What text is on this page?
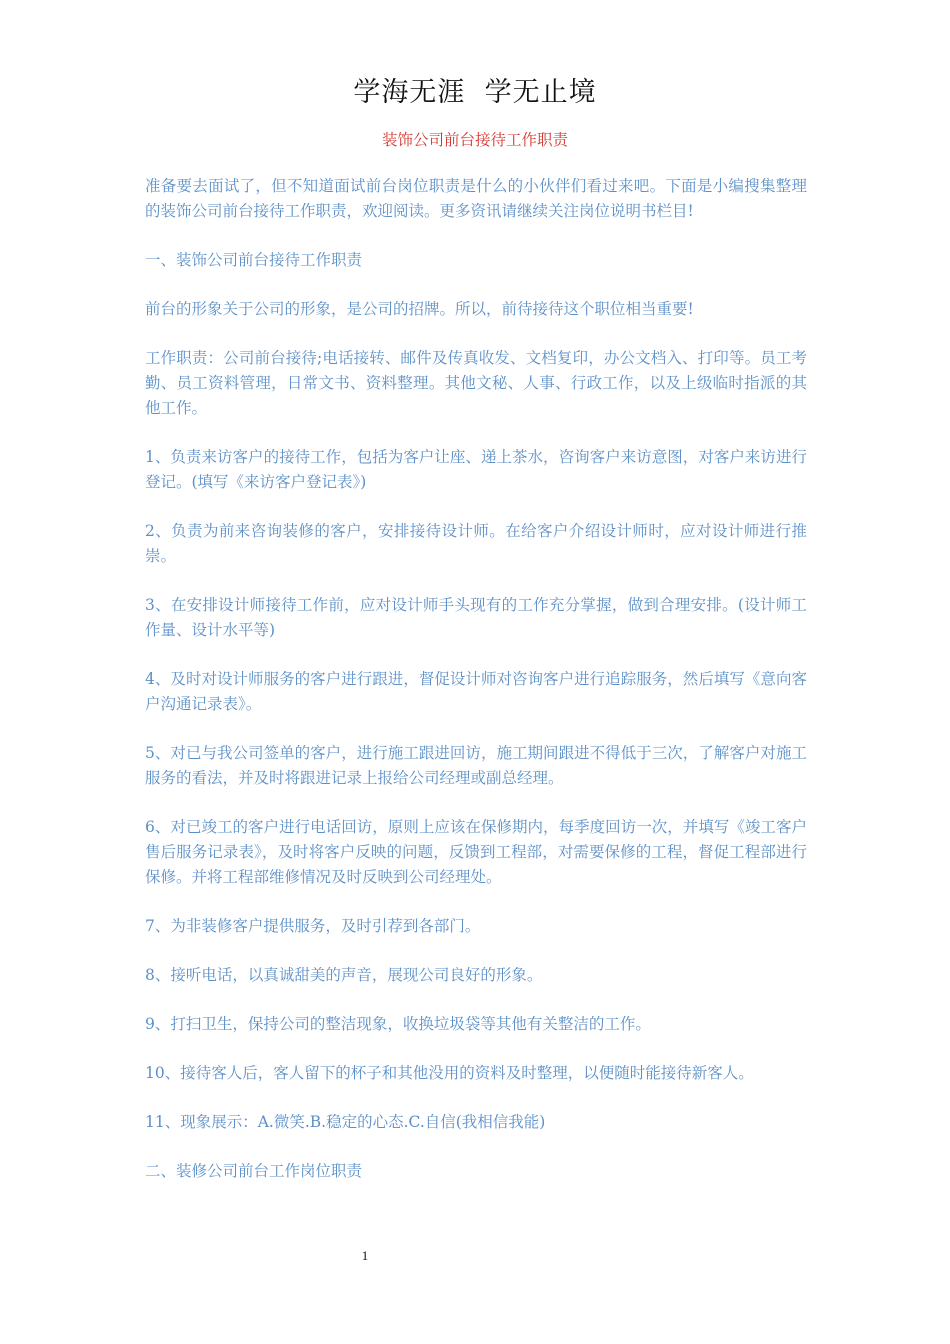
学海无涯  学无止境
装饰公司前台接待工作职责

准备要去面试了，但不知道面试前台岗位职责是什么的小伙伴们看过来吧。下面是小编搜集整理的装饰公司前台接待工作职责，欢迎阅读。更多资讯请继续关注岗位说明书栏目!

一、装饰公司前台接待工作职责

前台的形象关于公司的形象，是公司的招牌。所以，前待接待这个职位相当重要!

工作职责：公司前台接待;电话接转、邮件及传真收发、文档复印，办公文档入、打印等。员工考勤、员工资料管理，日常文书、资料整理。其他文秘、人事、行政工作，以及上级临时指派的其他工作。

1、负责来访客户的接待工作，包括为客户让座、递上茶水，咨询客户来访意图，对客户来访进行登记。(填写《来访客户登记表》)

2、负责为前来咨询装修的客户，安排接待设计师。在给客户介绍设计师时，应对设计师进行推崇。

3、在安排设计师接待工作前，应对设计师手头现有的工作充分掌握，做到合理安排。(设计师工作量、设计水平等)

4、及时对设计师服务的客户进行跟进，督促设计师对咨询客户进行追踪服务，然后填写《意向客户沟通记录表》。

5、对已与我公司签单的客户，进行施工跟进回访，施工期间跟进不得低于三次，了解客户对施工服务的看法，并及时将跟进记录上报给公司经理或副总经理。

6、对已竣工的客户进行电话回访，原则上应该在保修期内，每季度回访一次，并填写《竣工客户售后服务记录表》，及时将客户反映的问题，反馈到工程部，对需要保修的工程，督促工程部进行保修。并将工程部维修情况及时反映到公司经理处。

7、为非装修客户提供服务，及时引荐到各部门。

8、接听电话，以真诚甜美的声音，展现公司良好的形象。

9、打扫卫生，保持公司的整洁现象，收换垃圾袋等其他有关整洁的工作。

10、接待客人后，客人留下的杯子和其他没用的资料及时整理，以便随时能接待新客人。

11、现象展示：A.微笑.B.稳定的心态.C.自信(我相信我能)

二、装修公司前台工作岗位职责

1
